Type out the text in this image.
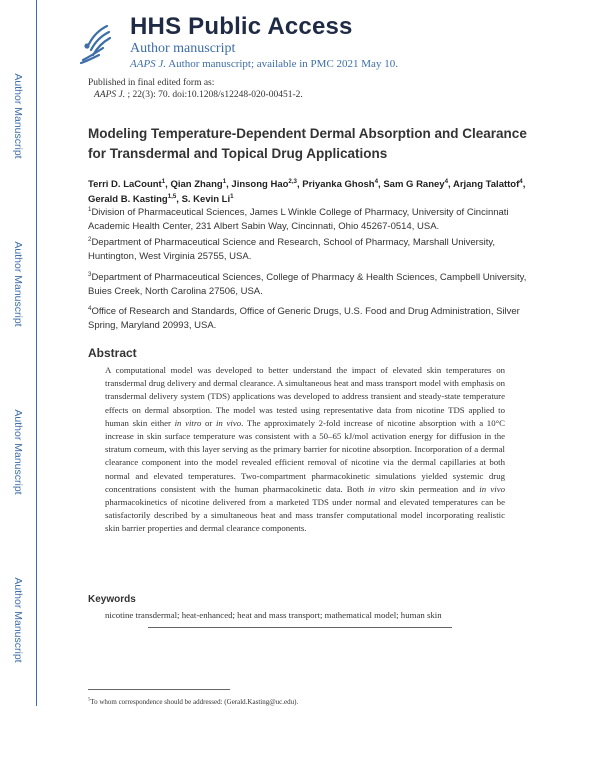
Author Manuscript
Author Manuscript
Author Manuscript
Author Manuscript
HHS Public Access
Author manuscript
AAPS J. Author manuscript; available in PMC 2021 May 10.
Published in final edited form as:
AAPS J. ; 22(3): 70. doi:10.1208/s12248-020-00451-2.
Modeling Temperature-Dependent Dermal Absorption and Clearance for Transdermal and Topical Drug Applications
Terri D. LaCount$^1$, Qian Zhang$^1$, Jinsong Hao$^{2,3}$, Priyanka Ghosh$^4$, Sam G Raney$^4$, Arjang Talattof$^4$, Gerald B. Kasting$^{1,5}$, S. Kevin Li$^1$
$^1$Division of Pharmaceutical Sciences, James L Winkle College of Pharmacy, University of Cincinnati Academic Health Center, 231 Albert Sabin Way, Cincinnati, Ohio 45267-0514, USA.
$^2$Department of Pharmaceutical Science and Research, School of Pharmacy, Marshall University, Huntington, West Virginia 25755, USA.
$^3$Department of Pharmaceutical Sciences, College of Pharmacy & Health Sciences, Campbell University, Buies Creek, North Carolina 27506, USA.
$^4$Office of Research and Standards, Office of Generic Drugs, U.S. Food and Drug Administration, Silver Spring, Maryland 20993, USA.
Abstract
A computational model was developed to better understand the impact of elevated skin temperatures on transdermal drug delivery and dermal clearance. A simultaneous heat and mass transport model with emphasis on transdermal delivery system (TDS) applications was developed to address transient and steady-state temperature effects on dermal absorption. The model was tested using representative data from nicotine TDS applied to human skin either in vitro or in vivo. The approximately 2-fold increase of nicotine absorption with a 10°C increase in skin surface temperature was consistent with a 50–65 kJ/mol activation energy for diffusion in the stratum corneum, with this layer serving as the primary barrier for nicotine absorption. Incorporation of a dermal clearance component into the model revealed efficient removal of nicotine via the dermal capillaries at both normal and elevated temperatures. Two-compartment pharmacokinetic simulations yielded systemic drug concentrations consistent with the human pharmacokinetic data. Both in vitro skin permeation and in vivo pharmacokinetics of nicotine delivered from a marketed TDS under normal and elevated temperatures can be satisfactorily described by a simultaneous heat and mass transfer computational model incorporating realistic skin barrier properties and dermal clearance components.
Keywords
nicotine transdermal; heat-enhanced; heat and mass transport; mathematical model; human skin
$^5$To whom correspondence should be addressed: (Gerald.Kasting@uc.edu).
